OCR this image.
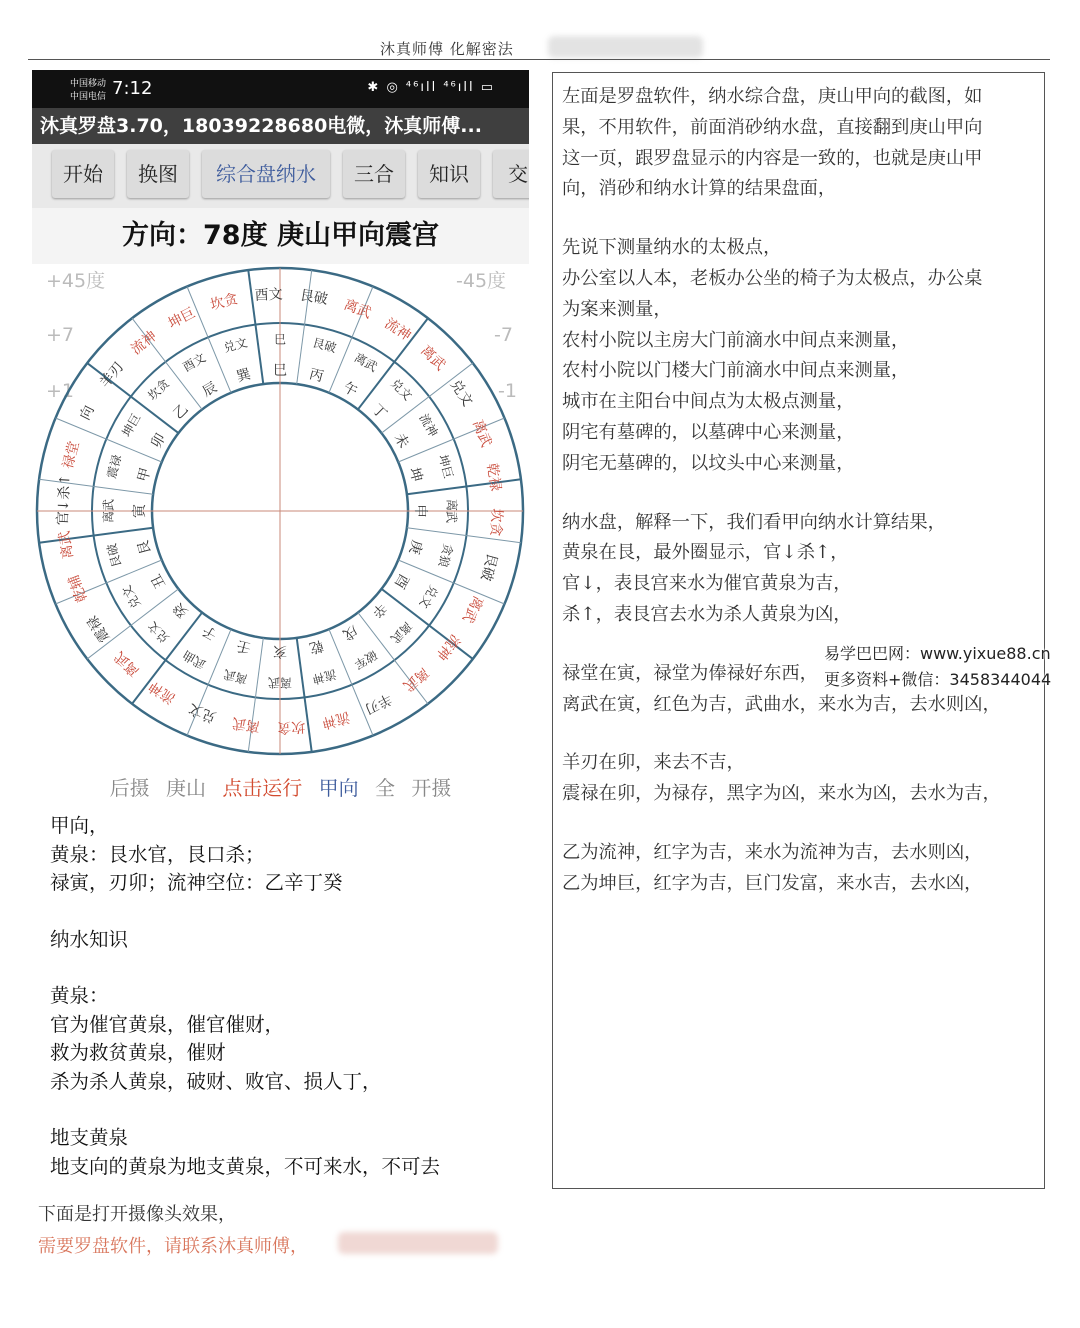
沐真师傅 化解密法
中国移动
中国电信 7:12	✱ ◎ ⁴⁶ıll ⁴⁶ıll ▭
沐真罗盘3.70，18039228680电微，沐真师傅...
开始	换图	综合盘纳水	三合	知识	交
方向：78度 庚山甲向震宫
+45度	-45度
+7	-7
+1	-1
禄堂
向
羊刃
流神
坤巨
坎贪 酉文 艮破 离武
流神
离武
兑文
离武
乾禄
坎贪
艮破
离武
流神
离武
羊刃
流神
坎贪
离武
兑文
流神
离武
震禄
乾辅
离武
官↓杀↑
震禄
坤巨
坎贪
酉文
兑文 巳 艮破
离武
兑文
流神
坤巨
离武
贪狼
兑文
离武
破军
流神
离武
离武
武曲
兑文
兑文
艮破
离武
甲
卯
乙
辰
巽 巳 丙
午
丁
未
坤
申
庚
酉
辛
戌
乾
亥
壬
子
癸
丑
艮
寅
后摄 庚山 点击运行 甲向 全 开摄

甲向，

黄泉：艮水官，艮口杀；

禄寅，刃卯；流神空位：乙辛丁癸

纳水知识

黄泉：

官为催官黄泉，催官催财，

救为救贫黄泉，催财

杀为杀人黄泉，破财、败官、损人丁，

地支黄泉

地支向的黄泉为地支黄泉，不可来水，不可去

下面是打开摄像头效果，
需要罗盘软件，请联系沐真师傅，

左面是罗盘软件，纳水综合盘，庚山甲向的截图，如

果，不用软件，前面消砂纳水盘，直接翻到庚山甲向

这一页，跟罗盘显示的内容是一致的，也就是庚山甲

向，消砂和纳水计算的结果盘面，

先说下测量纳水的太极点，

办公室以人本，老板办公坐的椅子为太极点，办公桌

为案来测量，

农村小院以主房大门前滴水中间点来测量，

农村小院以门楼大门前滴水中间点来测量，

城市在主阳台中间点为太极点测量，

阴宅有墓碑的，以墓碑中心来测量，

阴宅无墓碑的，以坟头中心来测量，

纳水盘，解释一下，我们看甲向纳水计算结果，

黄泉在艮，最外圈显示，官↓杀↑，

官↓，表艮宫来水为催官黄泉为吉，

杀↑，表艮宫去水为杀人黄泉为凶，

禄堂在寅，禄堂为俸禄好东西，

离武在寅，红色为吉，武曲水，来水为吉，去水则凶，

羊刃在卯，来去不吉，

震禄在卯，为禄存，黑字为凶，来水为凶，去水为吉，

乙为流神，红字为吉，来水为流神为吉，去水则凶，

乙为坤巨，红字为吉，巨门发富，来水吉，去水凶，

易学巴巴网：www.yixue88.cn
更多资料+微信：3458344044
